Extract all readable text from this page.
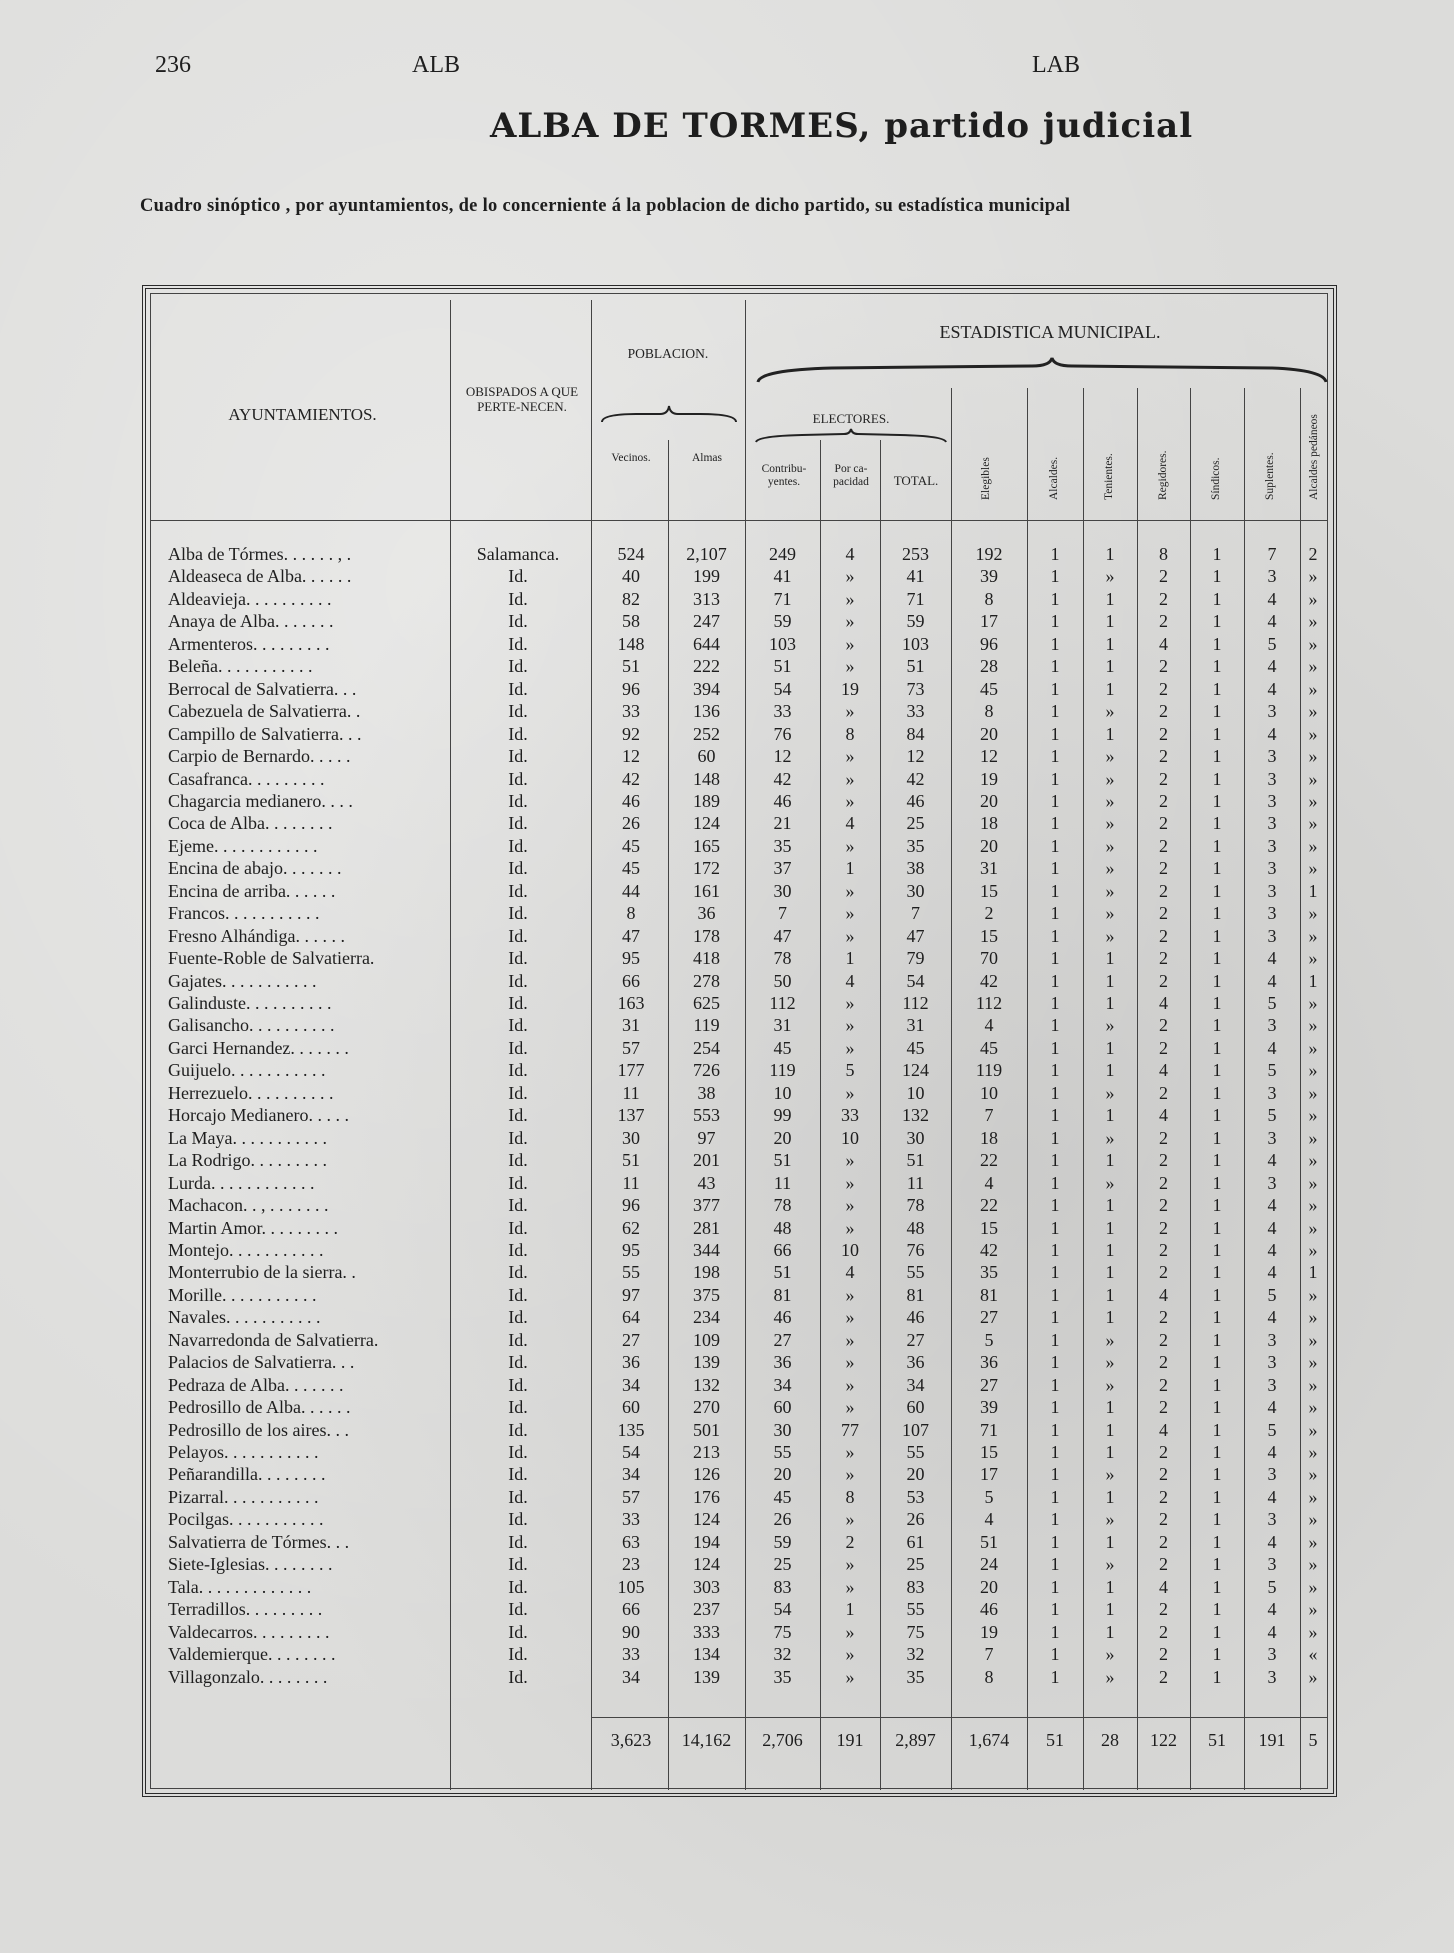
236	ALB	LAB
ALBA DE TORMES, partido judicial
Cuadro sinóptico , por ayuntamientos, de lo concerniente á la poblacion de dicho partido, su estadística municipal
AYUNTAMIENTOS.
OBISPADOS A QUE PERTE-NECEN.
POBLACION.
Vecinos.	Almas
ESTADISTICA MUNICIPAL.
ELECTORES.
Contribu-yentes.
Por ca-pacidad	TOTAL.	Elegibles	Alcaldes.	Tenientes.	Regidores.	Síndicos.	Suplentes.	Alcaldes pedáneos
Alba de Tórmes. . . . . . , .	Salamanca.	524	2,107	249	4	253	192	1	1	8	1	7	2
Aldeaseca de Alba. . . . . .	Id.	40	199	41	»	41	39	1	»	2	1	3	»
Aldeavieja. . . . . . . . . .	Id.	82	313	71	»	71	8	1	1	2	1	4	»
Anaya de Alba. . . . . . .	Id.	58	247	59	»	59	17	1	1	2	1	4	»
Armenteros. . . . . . . . .	Id.	148	644	103	»	103	96	1	1	4	1	5	»
Beleña. . . . . . . . . . .	Id.	51	222	51	»	51	28	1	1	2	1	4	»
Berrocal de Salvatierra. . .	Id.	96	394	54	19	73	45	1	1	2	1	4	»
Cabezuela de Salvatierra. .	Id.	33	136	33	»	33	8	1	»	2	1	3	»
Campillo de Salvatierra. . .	Id.	92	252	76	8	84	20	1	1	2	1	4	»
Carpio de Bernardo. . . . .	Id.	12	60	12	»	12	12	1	»	2	1	3	»
Casafranca. . . . . . . . .	Id.	42	148	42	»	42	19	1	»	2	1	3	»
Chagarcia medianero. . . .	Id.	46	189	46	»	46	20	1	»	2	1	3	»
Coca de Alba. . . . . . . .	Id.	26	124	21	4	25	18	1	»	2	1	3	»
Ejeme. . . . . . . . . . . .	Id.	45	165	35	»	35	20	1	»	2	1	3	»
Encina de abajo. . . . . . .	Id.	45	172	37	1	38	31	1	»	2	1	3	»
Encina de arriba. . . . . .	Id.	44	161	30	»	30	15	1	»	2	1	3	1
Francos. . . . . . . . . . .	Id.	8	36	7	»	7	2	1	»	2	1	3	»
Fresno Alhándiga. . . . . .	Id.	47	178	47	»	47	15	1	»	2	1	3	»
Fuente-Roble de Salvatierra.	Id.	95	418	78	1	79	70	1	1	2	1	4	»
Gajates. . . . . . . . . . .	Id.	66	278	50	4	54	42	1	1	2	1	4	1
Galinduste. . . . . . . . . .	Id.	163	625	112	»	112	112	1	1	4	1	5	»
Galisancho. . . . . . . . . .	Id.	31	119	31	»	31	4	1	»	2	1	3	»
Garci Hernandez. . . . . . .	Id.	57	254	45	»	45	45	1	1	2	1	4	»
Guijuelo. . . . . . . . . . .	Id.	177	726	119	5	124	119	1	1	4	1	5	»
Herrezuelo. . . . . . . . . .	Id.	11	38	10	»	10	10	1	»	2	1	3	»
Horcajo Medianero. . . . .	Id.	137	553	99	33	132	7	1	1	4	1	5	»
La Maya. . . . . . . . . . .	Id.	30	97	20	10	30	18	1	»	2	1	3	»
La Rodrigo. . . . . . . . .	Id.	51	201	51	»	51	22	1	1	2	1	4	»
Lurda. . . . . . . . . . . .	Id.	11	43	11	»	11	4	1	»	2	1	3	»
Machacon. . , . . . . . . .	Id.	96	377	78	»	78	22	1	1	2	1	4	»
Martin Amor. . . . . . . . .	Id.	62	281	48	»	48	15	1	1	2	1	4	»
Montejo. . . . . . . . . . .	Id.	95	344	66	10	76	42	1	1	2	1	4	»
Monterrubio de la sierra. .	Id.	55	198	51	4	55	35	1	1	2	1	4	1
Morille. . . . . . . . . . .	Id.	97	375	81	»	81	81	1	1	4	1	5	»
Navales. . . . . . . . . . .	Id.	64	234	46	»	46	27	1	1	2	1	4	»
Navarredonda de Salvatierra.	Id.	27	109	27	»	27	5	1	»	2	1	3	»
Palacios de Salvatierra. . .	Id.	36	139	36	»	36	36	1	»	2	1	3	»
Pedraza de Alba. . . . . . .	Id.	34	132	34	»	34	27	1	»	2	1	3	»
Pedrosillo de Alba. . . . . .	Id.	60	270	60	»	60	39	1	1	2	1	4	»
Pedrosillo de los aires. . .	Id.	135	501	30	77	107	71	1	1	4	1	5	»
Pelayos. . . . . . . . . . .	Id.	54	213	55	»	55	15	1	1	2	1	4	»
Peñarandilla. . . . . . . .	Id.	34	126	20	»	20	17	1	»	2	1	3	»
Pizarral. . . . . . . . . . .	Id.	57	176	45	8	53	5	1	1	2	1	4	»
Pocilgas. . . . . . . . . . .	Id.	33	124	26	»	26	4	1	»	2	1	3	»
Salvatierra de Tórmes. . .	Id.	63	194	59	2	61	51	1	1	2	1	4	»
Siete-Iglesias. . . . . . . .	Id.	23	124	25	»	25	24	1	»	2	1	3	»
Tala. . . . . . . . . . . . .	Id.	105	303	83	»	83	20	1	1	4	1	5	»
Terradillos. . . . . . . . .	Id.	66	237	54	1	55	46	1	1	2	1	4	»
Valdecarros. . . . . . . . .	Id.	90	333	75	»	75	19	1	1	2	1	4	»
Valdemierque. . . . . . . .	Id.	33	134	32	»	32	7	1	»	2	1	3	«
Villagonzalo. . . . . . . .	Id.	34	139	35	»	35	8	1	»	2	1	3	»
3,623	14,162	2,706	191	2,897	1,674	51	28	122	51	191	5
